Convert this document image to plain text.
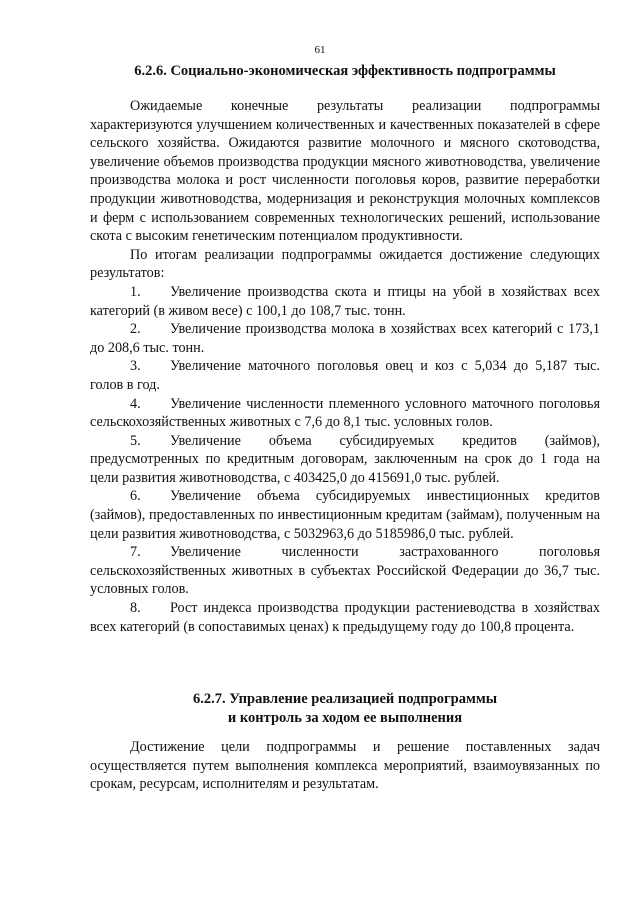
61
6.2.6. Социально-экономическая эффективность подпрограммы

Ожидаемые конечные результаты реализации подпрограммы характеризуются улучшением количественных и качественных показателей в сфере сельского хозяйства. Ожидаются развитие молочного и мясного скотоводства, увеличение объемов производства продукции мясного животноводства, увеличение производства молока и рост численности поголовья коров, развитие переработки продукции животноводства, модернизация и реконструкция молочных комплексов и ферм с использованием современных технологических решений, использование скота с высоким генетическим потенциалом продуктивности.

По итогам реализации подпрограммы ожидается достижение следующих результатов:

1. Увеличение производства скота и птицы на убой в хозяйствах всех категорий (в живом весе) с 100,1 до 108,7 тыс. тонн.

2. Увеличение производства молока в хозяйствах всех категорий с 173,1 до 208,6 тыс. тонн.

3. Увеличение маточного поголовья овец и коз с 5,034 до 5,187 тыс. голов в год.

4. Увеличение численности племенного условного маточного поголовья сельскохозяйственных животных с 7,6 до 8,1 тыс. условных голов.

5. Увеличение объема субсидируемых кредитов (займов), предусмотренных по кредитным договорам, заключенным на срок до 1 года на цели развития животноводства, с 403425,0 до 415691,0 тыс. рублей.

6. Увеличение объема субсидируемых инвестиционных кредитов (займов), предоставленных по инвестиционным кредитам (займам), полученным на цели развития животноводства, с 5032963,6 до 5185986,0 тыс. рублей.

7. Увеличение численности застрахованного поголовья сельскохозяйственных животных в субъектах Российской Федерации до 36,7 тыс. условных голов.

8. Рост индекса производства продукции растениеводства в хозяйствах всех категорий (в сопоставимых ценах) к предыдущему году до 100,8 процента.

6.2.7. Управление реализацией подпрограммы
и контроль за ходом ее выполнения

Достижение цели подпрограммы и решение поставленных задач осуществляется путем выполнения комплекса мероприятий, взаимоувязанных по срокам, ресурсам, исполнителям и результатам.
